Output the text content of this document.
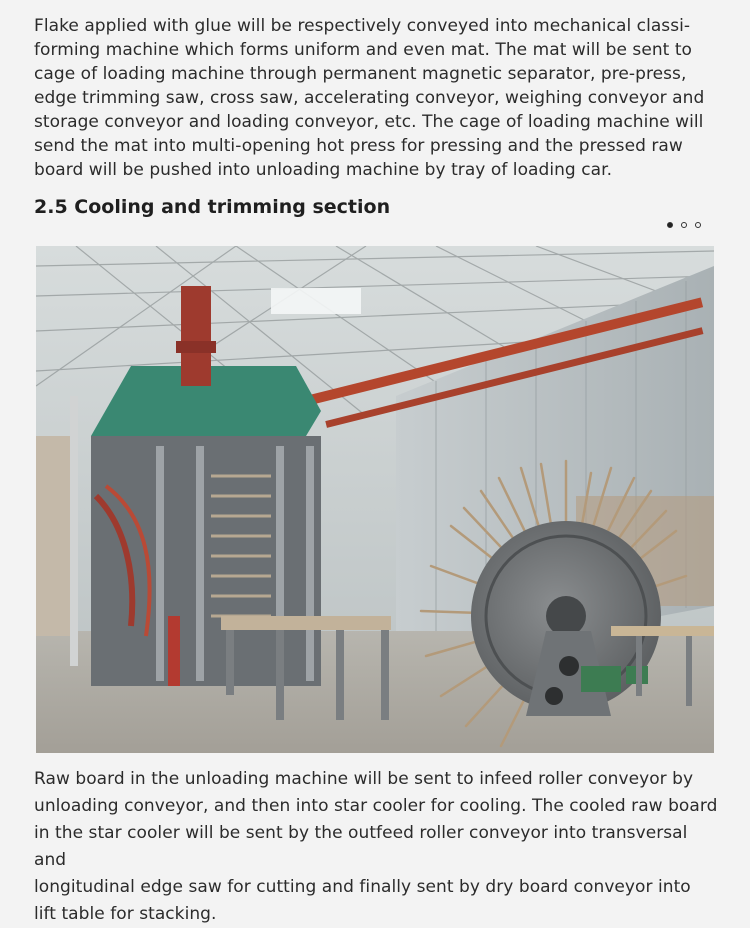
Flake applied with glue will be respectively conveyed into mechanical classi-
forming machine which forms uniform and even mat. The mat will be sent to
cage of loading machine through permanent magnetic separator, pre-press,
edge trimming saw, cross saw, accelerating conveyor, weighing conveyor and
storage conveyor and loading conveyor, etc. The cage of loading machine will
send the mat into multi-opening hot press for pressing and the pressed raw
board will be pushed into unloading machine by tray of loading car.

2.5 Cooling and trimming section

Raw board in the unloading machine will be sent to infeed roller conveyor by
unloading conveyor, and then into star cooler for cooling. The cooled raw board
in the star cooler will be sent by the outfeed roller conveyor into transversal and
longitudinal edge saw for cutting and finally sent by dry board conveyor into
lift table for stacking.
